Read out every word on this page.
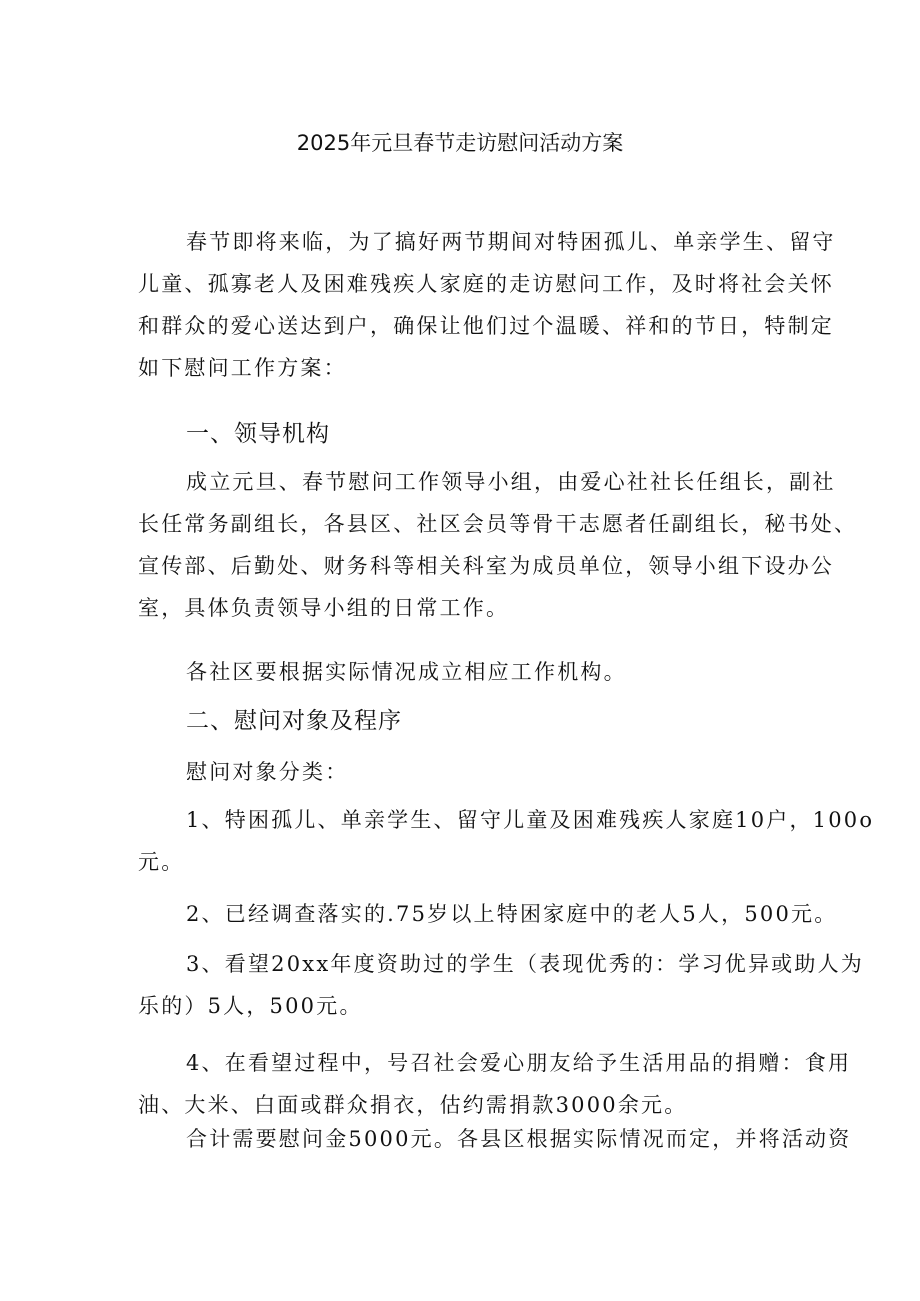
2025年元旦春节走访慰问活动方案
春节即将来临，为了搞好两节期间对特困孤儿、单亲学生、留守
儿童、孤寡老人及困难残疾人家庭的走访慰问工作，及时将社会关怀
和群众的爱心送达到户，确保让他们过个温暖、祥和的节日，特制定
如下慰问工作方案：
一、领导机构
成立元旦、春节慰问工作领导小组，由爱心社社长任组长，副社
长任常务副组长，各县区、社区会员等骨干志愿者任副组长，秘书处、
宣传部、后勤处、财务科等相关科室为成员单位，领导小组下设办公
室，具体负责领导小组的日常工作。
各社区要根据实际情况成立相应工作机构。
二、慰问对象及程序
慰问对象分类：
1、特困孤儿、单亲学生、留守儿童及困难残疾人家庭10户，100o
元。
2、已经调查落实的.75岁以上特困家庭中的老人5人，500元。
3、看望20xx年度资助过的学生（表现优秀的：学习优异或助人为
乐的）5人，500元。
4、在看望过程中，号召社会爱心朋友给予生活用品的捐赠：食用
油、大米、白面或群众捐衣，估约需捐款3000余元。
合计需要慰问金5000元。各县区根据实际情况而定，并将活动资
